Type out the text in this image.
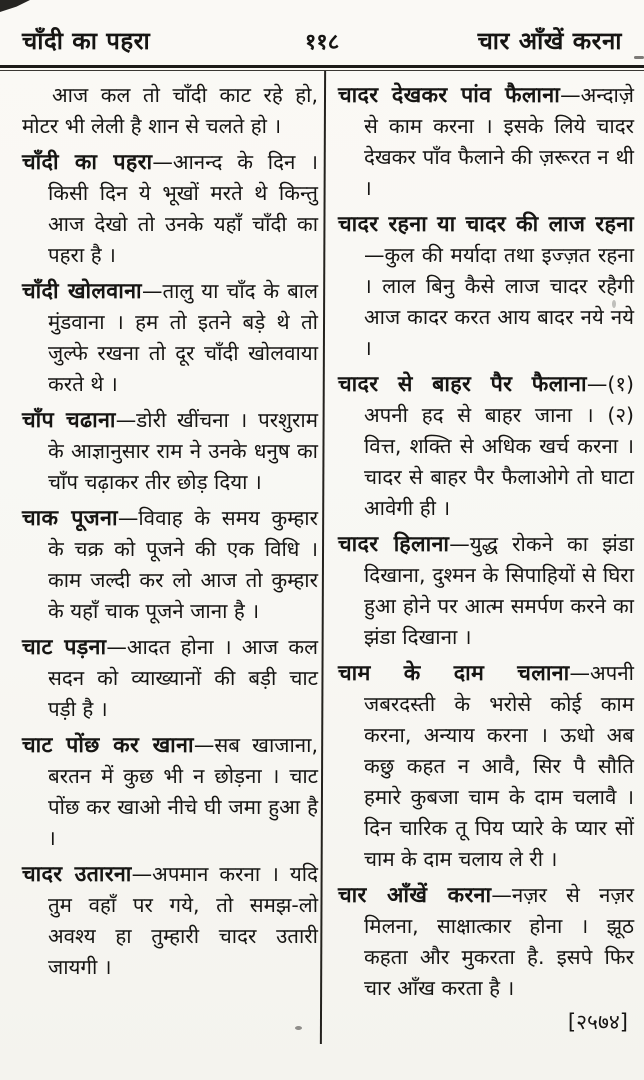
चाँदी का पहरा	११८	चार आँखें करना

आज कल तो चाँदी काट रहे हो, मोटर भी लेली है शान से चलते हो ।

चाँदी का पहरा—आनन्द के दिन । किसी दिन ये भूखों मरते थे किन्तु आज देखो तो उनके यहाँ चाँदी का पहरा है ।

चाँदी खोलवाना—तालु या चाँद के बाल मुंडवाना । हम तो इतने बड़े थे तो जुल्फे रखना तो दूर चाँदी खोलवाया करते थे ।

चाँप चढाना—डोरी खींचना । परशुराम के आज्ञानुसार राम ने उनके धनुष का चाँप चढ़ाकर तीर छोड़ दिया ।

चाक पूजना—विवाह के समय कुम्हार के चक्र को पूजने की एक विधि । काम जल्दी कर लो आज तो कुम्हार के यहाँ चाक पूजने जाना है ।

चाट पड़ना—आदत होना । आज कल सदन को व्याख्यानों की बड़ी चाट पड़ी है ।

चाट पोंछ कर खाना—सब खाजाना, बरतन में कुछ भी न छोड़ना । चाट पोंछ कर खाओ नीचे घी जमा हुआ है ।

चादर उतारना—अपमान करना । यदि तुम वहाँ पर गये, तो समझ-लो अवश्य हा तुम्हारी चादर उतारी जायगी ।

चादर देखकर पांव फैलाना—अन्दाज़े से काम करना । इसके लिये चादर देखकर पाँव फैलाने की ज़रूरत न थी ।

चादर रहना या चादर की लाज रहना—कुल की मर्यादा तथा इज्ज़त रहना । लाल बिनु कैसे लाज चादर रहैगी आज कादर करत आय बादर नये नये ।

चादर से बाहर पैर फैलाना—(१) अपनी हद से बाहर जाना । (२) वित्त, शक्ति से अधिक खर्च करना । चादर से बाहर पैर फैलाओगे तो घाटा आवेगी ही ।

चादर हिलाना—युद्ध रोकने का झंडा दिखाना, दुश्मन के सिपाहियों से घिरा हुआ होने पर आत्म समर्पण करने का झंडा दिखाना ।

चाम के दाम चलाना—अपनी जबरदस्ती के भरोसे कोई काम करना, अन्याय करना । ऊधो अब कछु कहत न आवै, सिर पै सौति हमारे कुबजा चाम के दाम चलावै । दिन चारिक तू पिय प्यारे के प्यार सों चाम के दाम चलाय ले री ।

चार आँखें करना—नज़र से नज़र मिलना, साक्षात्कार होना । झूठ कहता और मुकरता है. इसपे फिर चार आँख करता है ।

[२५७४]
